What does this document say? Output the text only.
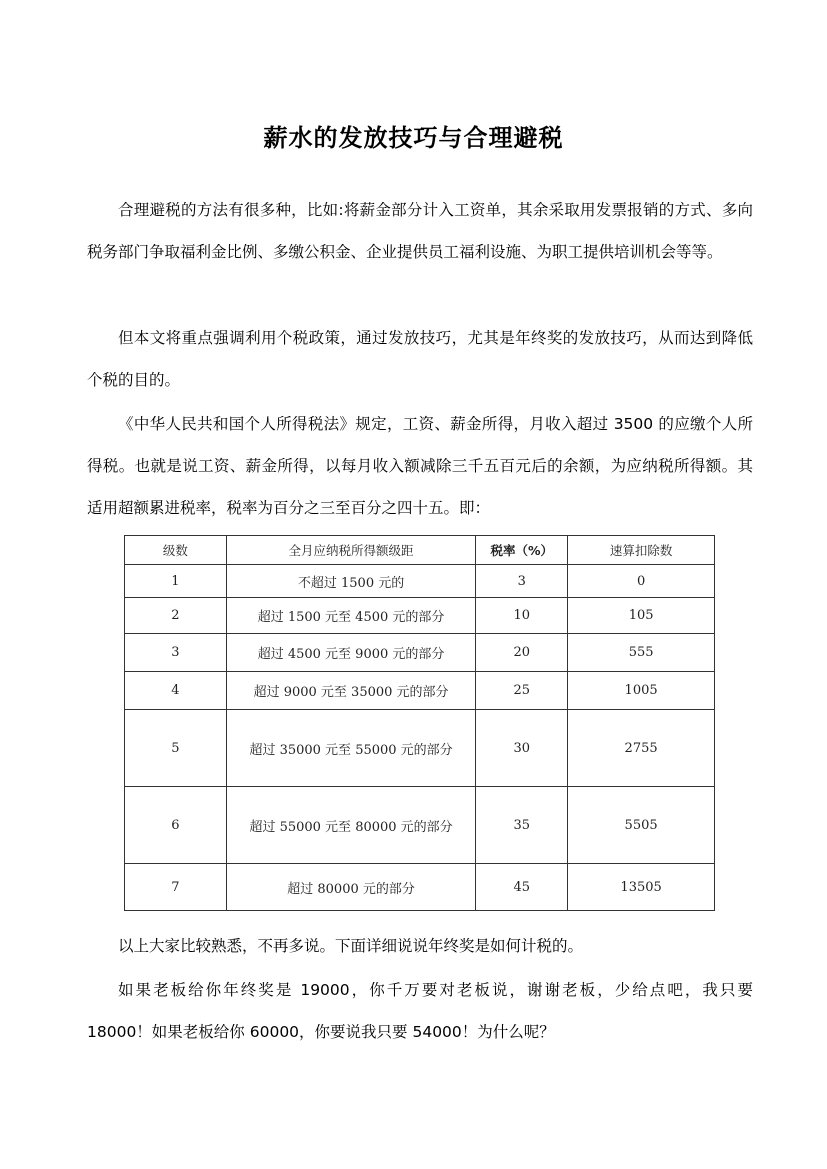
薪水的发放技巧与合理避税

合理避税的方法有很多种，比如:将薪金部分计入工资单，其余采取用发票报销的方式、多向税务部门争取福利金比例、多缴公积金、企业提供员工福利设施、为职工提供培训机会等等。

但本文将重点强调利用个税政策，通过发放技巧，尤其是年终奖的发放技巧，从而达到降低个税的目的。

《中华人民共和国个人所得税法》规定，工资、薪金所得，月收入超过 3500 的应缴个人所得税。也就是说工资、薪金所得，以每月收入额减除三千五百元后的余额，为应纳税所得额。其适用超额累进税率，税率为百分之三至百分之四十五。即：

级数	全月应纳税所得额级距	税率（%）	速算扣除数
1	不超过 1500 元的	3	0
2	超过 1500 元至 4500 元的部分	10	105
3	超过 4500 元至 9000 元的部分	20	555
4	超过 9000 元至 35000 元的部分	25	1005
5	超过 35000 元至 55000 元的部分	30	2755
6	超过 55000 元至 80000 元的部分	35	5505
7	超过 80000 元的部分	45	13505

以上大家比较熟悉，不再多说。下面详细说说年终奖是如何计税的。

如果老板给你年终奖是 19000，你千万要对老板说，谢谢老板，少给点吧，我只要 18000！如果老板给你 60000，你要说我只要 54000！为什么呢？
